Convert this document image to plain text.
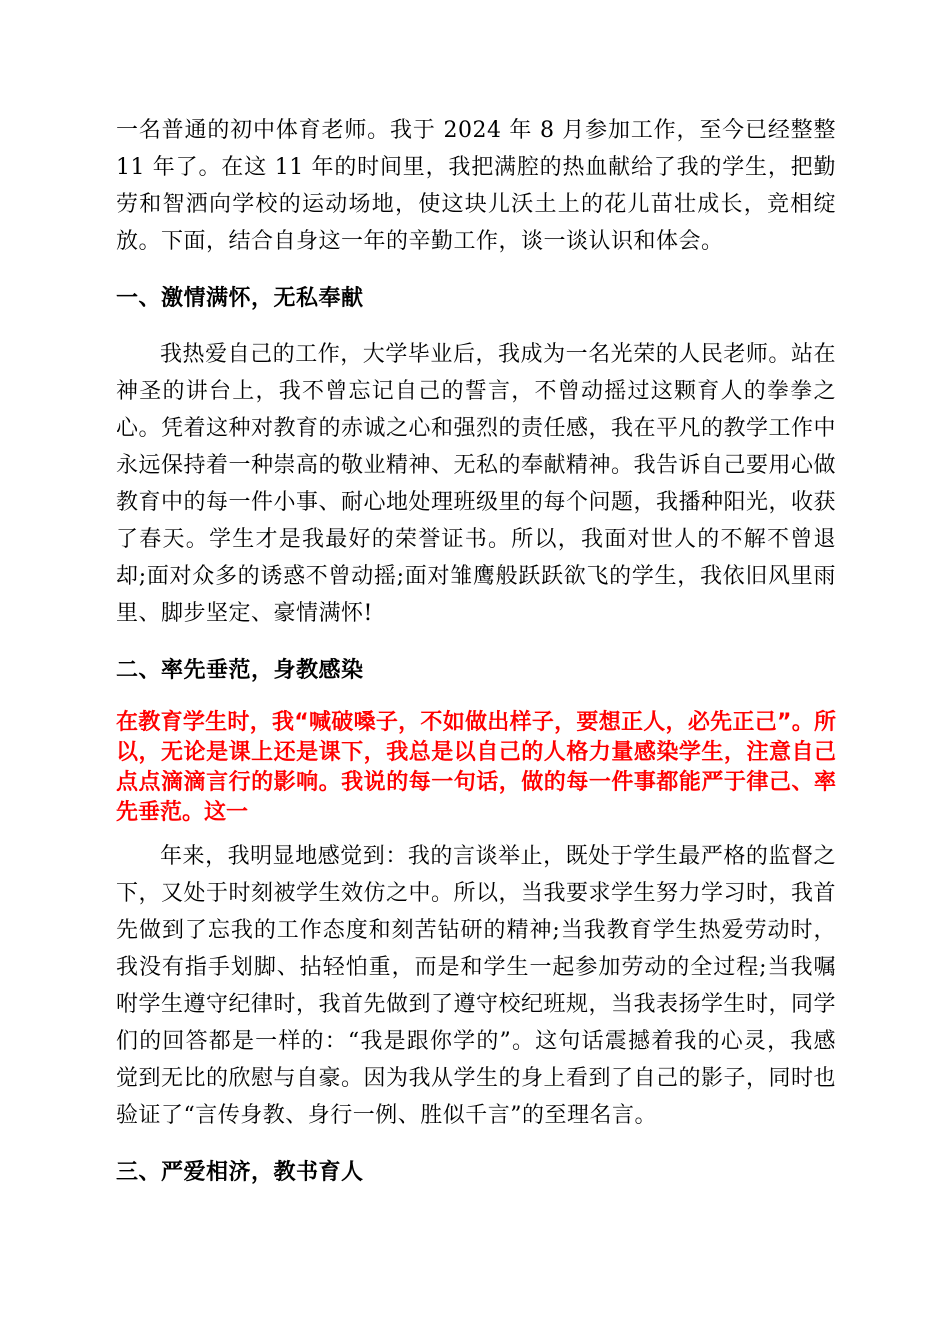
一名普通的初中体育老师。我于 2024 年 8 月参加工作，至今已经整整 11 年了。在这 11 年的时间里，我把满腔的热血献给了我的学生，把勤劳和智洒向学校的运动场地，使这块儿沃土上的花儿苗壮成长，竞相绽放。下面，结合自身这一年的辛勤工作，谈一谈认识和体会。

一、激情满怀，无私奉献

我热爱自己的工作，大学毕业后，我成为一名光荣的人民老师。站在神圣的讲台上，我不曾忘记自己的誓言，不曾动摇过这颗育人的拳拳之心。凭着这种对教育的赤诚之心和强烈的责任感，我在平凡的教学工作中永远保持着一种崇高的敬业精神、无私的奉献精神。我告诉自己要用心做教育中的每一件小事、耐心地处理班级里的每个问题，我播种阳光，收获了春天。学生才是我最好的荣誉证书。所以，我面对世人的不解不曾退却;面对众多的诱惑不曾动摇;面对雏鹰般跃跃欲飞的学生，我依旧风里雨里、脚步坚定、豪情满怀!

二、率先垂范，身教感染

在教育学生时，我“喊破嗓子，不如做出样子，要想正人，必先正己”。所以，无论是课上还是课下，我总是以自己的人格力量感染学生，注意自己点点滴滴言行的影响。我说的每一句话，做的每一件事都能严于律己、率先垂范。这一

年来，我明显地感觉到：我的言谈举止，既处于学生最严格的监督之下，又处于时刻被学生效仿之中。所以，当我要求学生努力学习时，我首先做到了忘我的工作态度和刻苦钻研的精神;当我教育学生热爱劳动时，我没有指手划脚、拈轻怕重，而是和学生一起参加劳动的全过程;当我嘱咐学生遵守纪律时，我首先做到了遵守校纪班规，当我表扬学生时，同学们的回答都是一样的：“我是跟你学的”。这句话震撼着我的心灵，我感觉到无比的欣慰与自豪。因为我从学生的身上看到了自己的影子，同时也验证了“言传身教、身行一例、胜似千言”的至理名言。

三、严爱相济，教书育人
